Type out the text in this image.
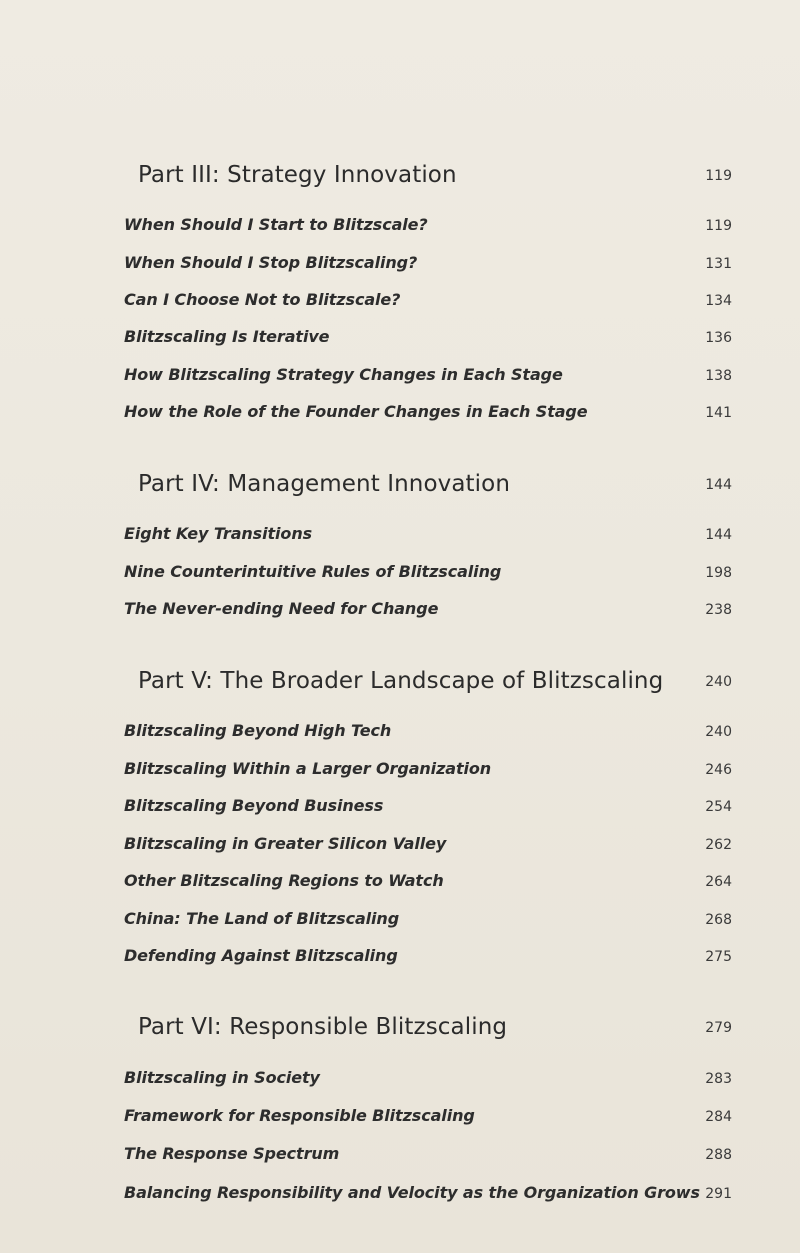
Part III: Strategy Innovation	119
When Should I Start to Blitzscale?	119
When Should I Stop Blitzscaling?	131
Can I Choose Not to Blitzscale?	134
Blitzscaling Is Iterative	136
How Blitzscaling Strategy Changes in Each Stage	138
How the Role of the Founder Changes in Each Stage	141
Part IV: Management Innovation	144
Eight Key Transitions	144
Nine Counterintuitive Rules of Blitzscaling	198
The Never-ending Need for Change	238
Part V: The Broader Landscape of Blitzscaling	240
Blitzscaling Beyond High Tech	240
Blitzscaling Within a Larger Organization	246
Blitzscaling Beyond Business	254
Blitzscaling in Greater Silicon Valley	262
Other Blitzscaling Regions to Watch	264
China: The Land of Blitzscaling	268
Defending Against Blitzscaling	275
Part VI: Responsible Blitzscaling	279
Blitzscaling in Society	283
Framework for Responsible Blitzscaling	284
The Response Spectrum	288
Balancing Responsibility and Velocity as the Organization Grows 291
